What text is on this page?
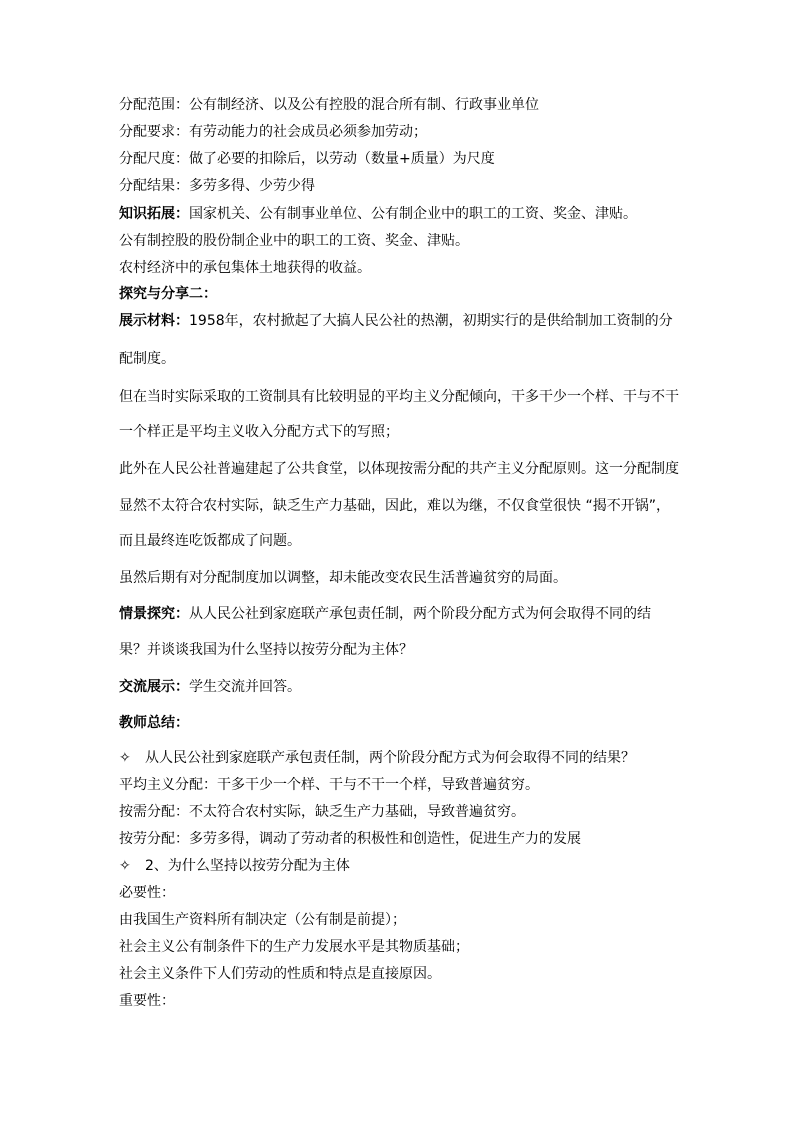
分配范围：公有制经济、以及公有控股的混合所有制、行政事业单位
分配要求：有劳动能力的社会成员必须参加劳动；
分配尺度：做了必要的扣除后，以劳动（数量+质量）为尺度
分配结果：多劳多得、少劳少得
知识拓展：国家机关、公有制事业单位、公有制企业中的职工的工资、奖金、津贴。
公有制控股的股份制企业中的职工的工资、奖金、津贴。
农村经济中的承包集体土地获得的收益。
探究与分享二：
展示材料：1958年，农村掀起了大搞人民公社的热潮，初期实行的是供给制加工资制的分
配制度。
但在当时实际采取的工资制具有比较明显的平均主义分配倾向，干多干少一个样、干与不干
一个样正是平均主义收入分配方式下的写照；
此外在人民公社普遍建起了公共食堂，以体现按需分配的共产主义分配原则。这一分配制度
显然不太符合农村实际，缺乏生产力基础，因此，难以为继，不仅食堂很快 “揭不开锅”，
而且最终连吃饭都成了问题。
虽然后期有对分配制度加以调整，却未能改变农民生活普遍贫穷的局面。
情景探究：从人民公社到家庭联产承包责任制，两个阶段分配方式为何会取得不同的结
果？并谈谈我国为什么坚持以按劳分配为主体？
交流展示：学生交流并回答。
教师总结：
✧ 从人民公社到家庭联产承包责任制，两个阶段分配方式为何会取得不同的结果？
平均主义分配：干多干少一个样、干与不干一个样，导致普遍贫穷。
按需分配：不太符合农村实际，缺乏生产力基础，导致普遍贫穷。
按劳分配：多劳多得，调动了劳动者的积极性和创造性，促进生产力的发展
✧ 2、为什么坚持以按劳分配为主体
必要性：
由我国生产资料所有制决定（公有制是前提）；
社会主义公有制条件下的生产力发展水平是其物质基础；
社会主义条件下人们劳动的性质和特点是直接原因。
重要性：
